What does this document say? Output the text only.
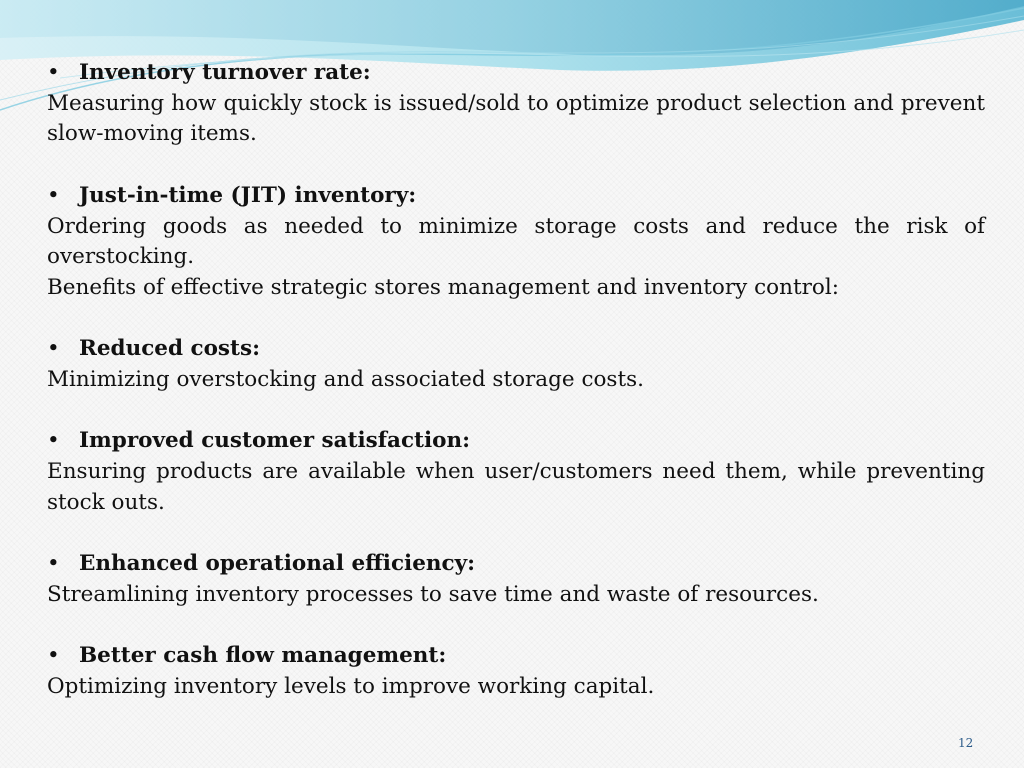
• Inventory turnover rate:
Measuring how quickly stock is issued/sold to optimize product selection and prevent slow-moving items.
• Just-in-time (JIT) inventory:
Ordering goods as needed to minimize storage costs and reduce the risk of overstocking.
Benefits of effective strategic stores management and inventory control:
• Reduced costs:
Minimizing overstocking and associated storage costs.
• Improved customer satisfaction:
Ensuring products are available when user/customers need them, while preventing stock outs.
• Enhanced operational efficiency:
Streamlining inventory processes to save time and waste of resources.
• Better cash flow management:
Optimizing inventory levels to improve working capital.
12
